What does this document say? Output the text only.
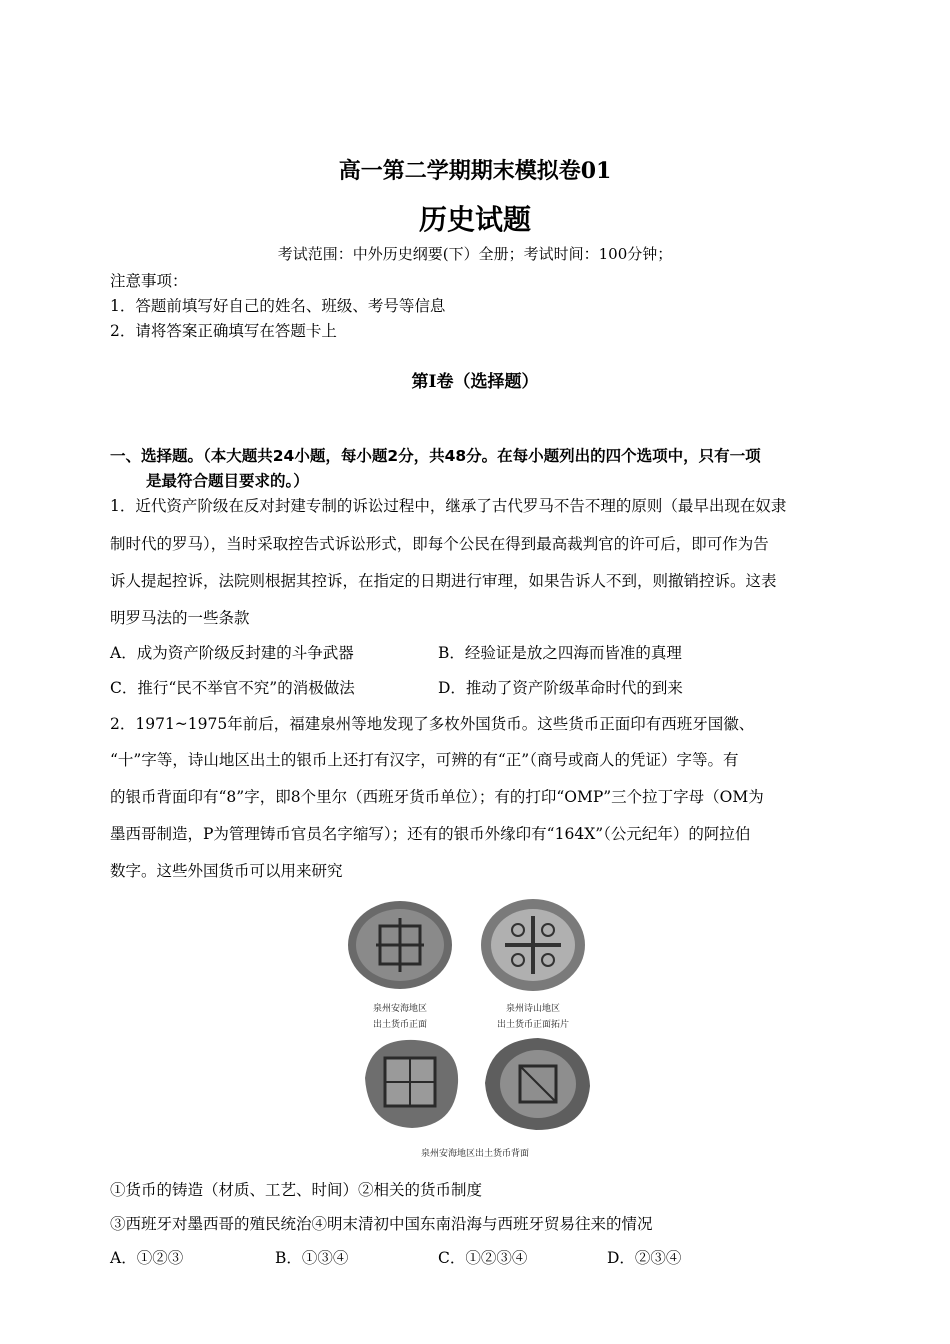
高一第二学期期末模拟卷01
历史试题
考试范围：中外历史纲要(下）全册；考试时间：100分钟；
注意事项：
1．答题前填写好自己的姓名、班级、考号等信息
2．请将答案正确填写在答题卡上
第Ⅰ卷（选择题）
一、选择题。（本大题共24小题，每小题2分，共48分。在每小题列出的四个选项中，只有一项
是最符合题目要求的。）
1．近代资产阶级在反对封建专制的诉讼过程中，继承了古代罗马不告不理的原则（最早出现在奴隶
制时代的罗马），当时采取控告式诉讼形式，即每个公民在得到最高裁判官的许可后，即可作为告
诉人提起控诉，法院则根据其控诉，在指定的日期进行审理，如果告诉人不到，则撤销控诉。这表
明罗马法的一些条款
A．成为资产阶级反封建的斗争武器	B．经验证是放之四海而皆准的真理
C．推行“民不举官不究”的消极做法	D．推动了资产阶级革命时代的到来
2．1971~1975年前后，福建泉州等地发现了多枚外国货币。这些货币正面印有西班牙国徽、
“十”字等，诗山地区出土的银币上还打有汉字，可辨的有“正”（商号或商人的凭证）字等。有
的银币背面印有“8”字，即8个里尔（西班牙货币单位）；有的打印“OMP”三个拉丁字母（OM为
墨西哥制造，P为管理铸币官员名字缩写）；还有的银币外缘印有“164X”（公元纪年）的阿拉伯
数字。这些外国货币可以用来研究
泉州安海地区
出土货币正面
泉州诗山地区
出土货币正面拓片
泉州安海地区出土货币背面
①货币的铸造（材质、工艺、时间）②相关的货币制度
③西班牙对墨西哥的殖民统治④明末清初中国东南沿海与西班牙贸易往来的情况
A．①②③	B．①③④	C．①②③④	D．②③④
